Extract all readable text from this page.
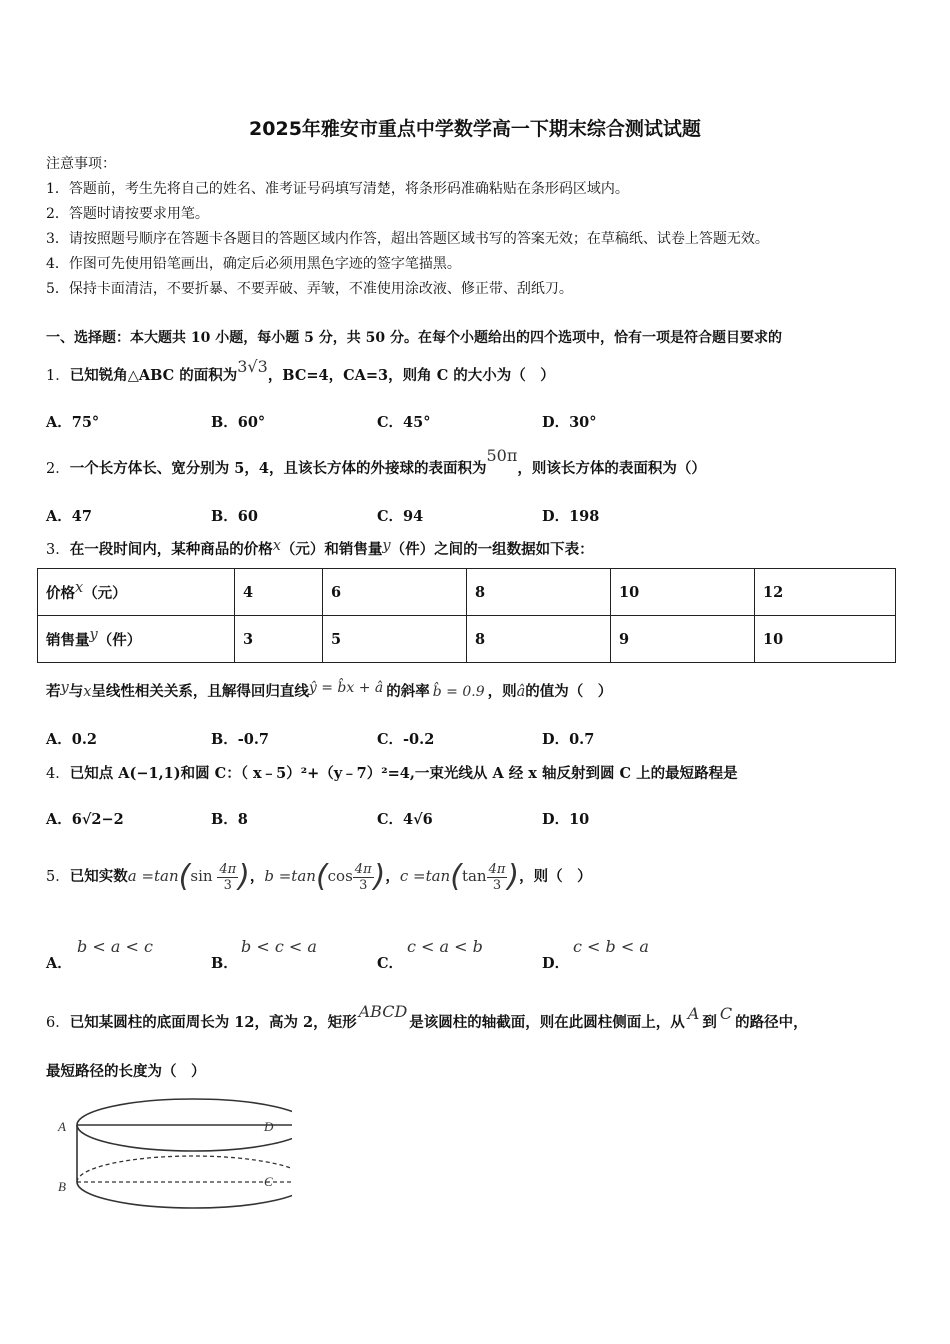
2025年雅安市重点中学数学高一下期末综合测试试题
注意事项：
1．答题前，考生先将自己的姓名、准考证号码填写清楚，将条形码准确粘贴在条形码区域内。
2．答题时请按要求用笔。
3．请按照题号顺序在答题卡各题目的答题区域内作答，超出答题区域书写的答案无效；在草稿纸、试卷上答题无效。
4．作图可先使用铅笔画出，确定后必须用黑色字迹的签字笔描黑。
5．保持卡面清洁，不要折暴、不要弄破、弄皱，不准使用涂改液、修正带、刮纸刀。
一、选择题：本大题共 10 小题，每小题 5 分，共 50 分。在每个小题给出的四个选项中，恰有一项是符合题目要求的
1．已知锐角△ABC 的面积为3√3，BC=4，CA=3，则角 C 的大小为（　）
A．75°	B．60°	C．45°	D．30°
2．一个长方体长、宽分别为 5，4，且该长方体的外接球的表面积为50π，则该长方体的表面积为（）
A．47	B．60	C．94	D．198
3．在一段时间内，某种商品的价格x（元）和销售量y（件）之间的一组数据如下表：
价格x（元）	4	6	8	10	12
销售量y（件）	3	5	8	9	10
若y与x呈线性相关关系，且解得回归直线ŷ = b̂x + â 的斜率 b̂ = 0.9 ，则â的值为（　）
A．0.2	B．-0.7	C．-0.2	D．0.7
4．已知点 A(−1,1)和圆 C：（ x﹣5）²+（y﹣7）²=4,一束光线从 A 经 x 轴反射到圆 C 上的最短路程是
A．6√2−2	B．8	C．4√6	D．10
5．已知实数$a =\tan(\sin \frac{4\pi}{3}$ )，$b =\tan(\cos \frac{4\pi}{3}$ )，$c =\tan(\tan \frac{4\pi}{3}$ )，则（　）
A．
b < a < c
B．
b < c < a
C．
c < a < b
D．
c < b < a
6．已知某圆柱的底面周长为 12，高为 2，矩形ABCD是该圆柱的轴截面，则在此圆柱侧面上，从 A 到 C 的路径中，
最短路径的长度为（　）
A	D
B	C
